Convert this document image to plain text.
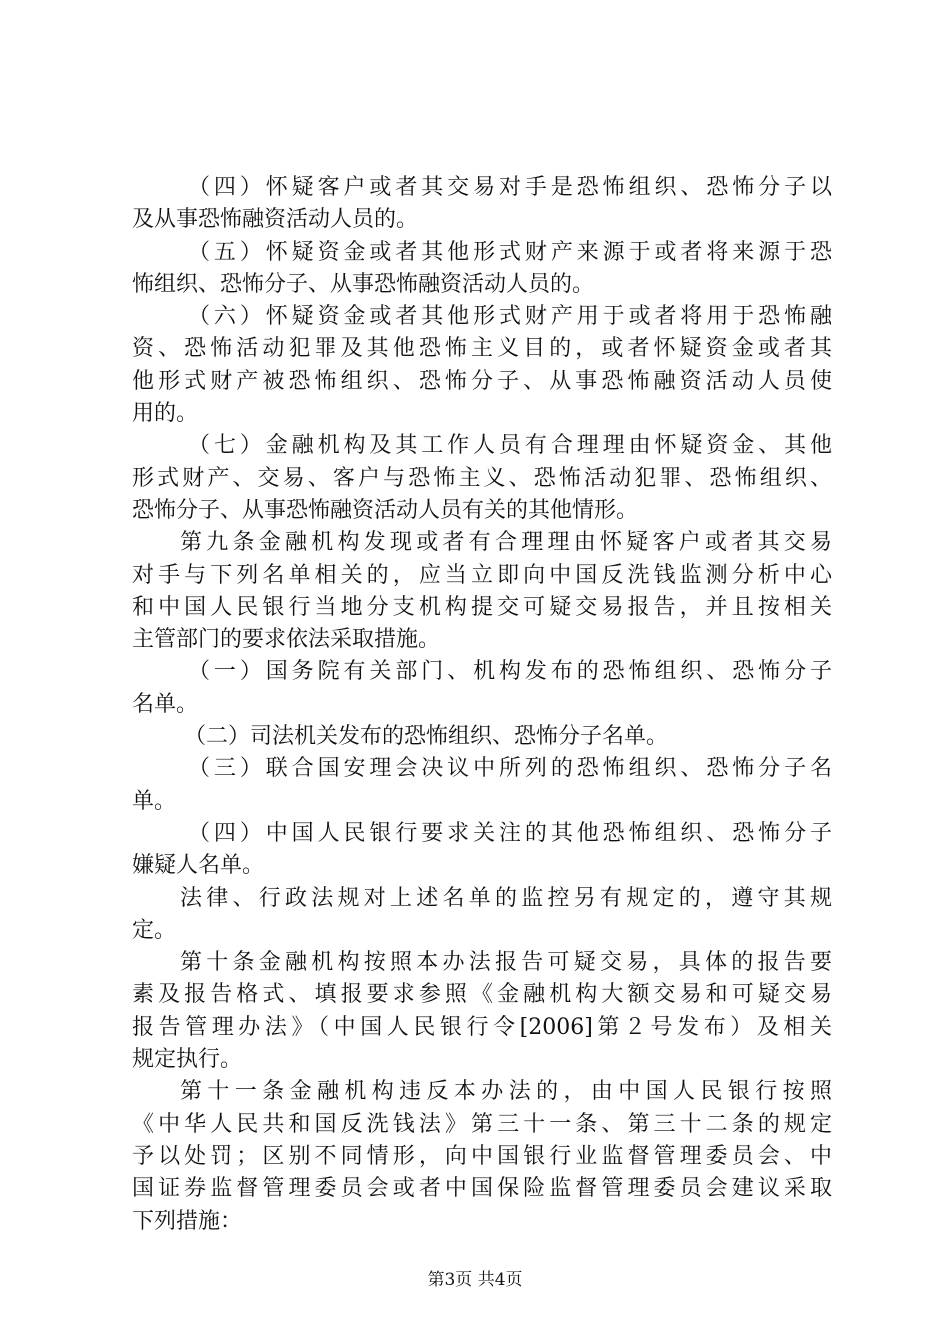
（四）怀疑客户或者其交易对手是恐怖组织、恐怖分子以
及从事恐怖融资活动人员的。
（五）怀疑资金或者其他形式财产来源于或者将来源于恐
怖组织、恐怖分子、从事恐怖融资活动人员的。
（六）怀疑资金或者其他形式财产用于或者将用于恐怖融
资、恐怖活动犯罪及其他恐怖主义目的，或者怀疑资金或者其
他形式财产被恐怖组织、恐怖分子、从事恐怖融资活动人员使
用的。
（七）金融机构及其工作人员有合理理由怀疑资金、其他
形式财产、交易、客户与恐怖主义、恐怖活动犯罪、恐怖组织、
恐怖分子、从事恐怖融资活动人员有关的其他情形。
第九条金融机构发现或者有合理理由怀疑客户或者其交易
对手与下列名单相关的，应当立即向中国反洗钱监测分析中心
和中国人民银行当地分支机构提交可疑交易报告，并且按相关
主管部门的要求依法采取措施。
（一）国务院有关部门、机构发布的恐怖组织、恐怖分子
名单。
（二）司法机关发布的恐怖组织、恐怖分子名单。
（三）联合国安理会决议中所列的恐怖组织、恐怖分子名
单。
（四）中国人民银行要求关注的其他恐怖组织、恐怖分子
嫌疑人名单。
法律、行政法规对上述名单的监控另有规定的，遵守其规
定。
第十条金融机构按照本办法报告可疑交易，具体的报告要
素及报告格式、填报要求参照《金融机构大额交易和可疑交易
报告管理办法》（中国人民银行令[2006]第２号发布）及相关
规定执行。
第十一条金融机构违反本办法的，由中国人民银行按照
《中华人民共和国反洗钱法》第三十一条、第三十二条的规定
予以处罚；区别不同情形，向中国银行业监督管理委员会、中
国证券监督管理委员会或者中国保险监督管理委员会建议采取
下列措施：
第3页 共4页
